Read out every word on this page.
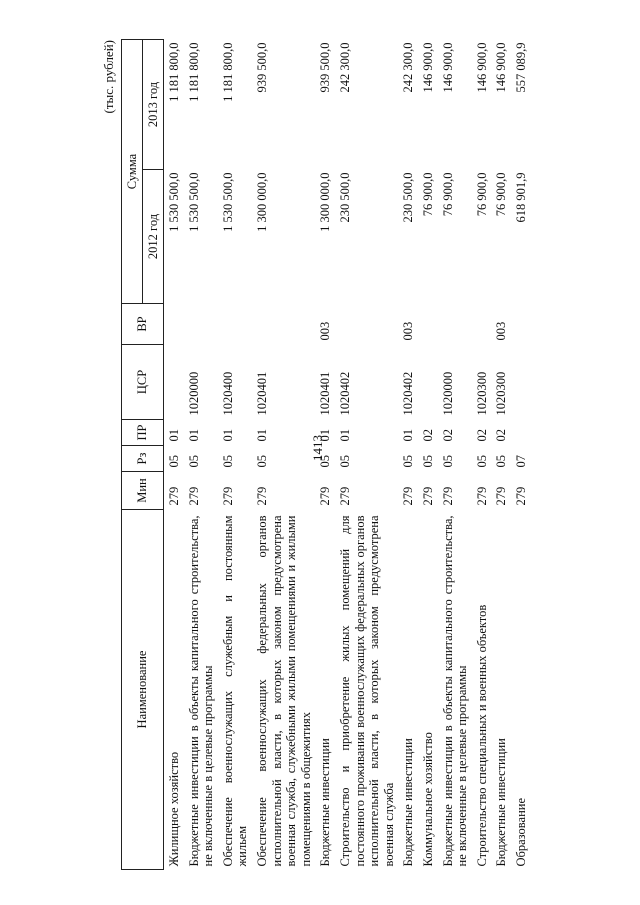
1413
(тыс. рублей)
Наименование	Мин	Рз	ПР	ЦСР	ВР	Сумма	
						2012 год	2013 год
Жилищное хозяйство	279	05	01			1 530 500,0	1 181 800,0
Бюджетные инвестиции в объекты капитального строительства, не включенные в целевые программы	279	05	01	1020000		1 530 500,0	1 181 800,0
Обеспечение военнослужащих служебным и постоянным жильем	279	05	01	1020400		1 530 500,0	1 181 800,0
Обеспечение военнослужащих федеральных органов исполнительной власти, в которых законом предусмотрена военная служба, служебными жилыми помещениями и жилыми помещениями в общежитиях	279	05	01	1020401		1 300 000,0	939 500,0
Бюджетные инвестиции	279	05	01	1020401	003	1 300 000,0	939 500,0
Строительство и приобретение жилых помещений для постоянного проживания военнослужащих федеральных органов исполнительной власти, в которых законом предусмотрена военная служба	279	05	01	1020402		230 500,0	242 300,0
Бюджетные инвестиции	279	05	01	1020402	003	230 500,0	242 300,0
Коммунальное хозяйство	279	05	02			76 900,0	146 900,0
Бюджетные инвестиции в объекты капитального строительства, не включенные в целевые программы	279	05	02	1020000		76 900,0	146 900,0
Строительство специальных и военных объектов	279	05	02	1020300		76 900,0	146 900,0
Бюджетные инвестиции	279	05	02	1020300	003	76 900,0	146 900,0
Образование	279	07				618 901,9	557 089,9
